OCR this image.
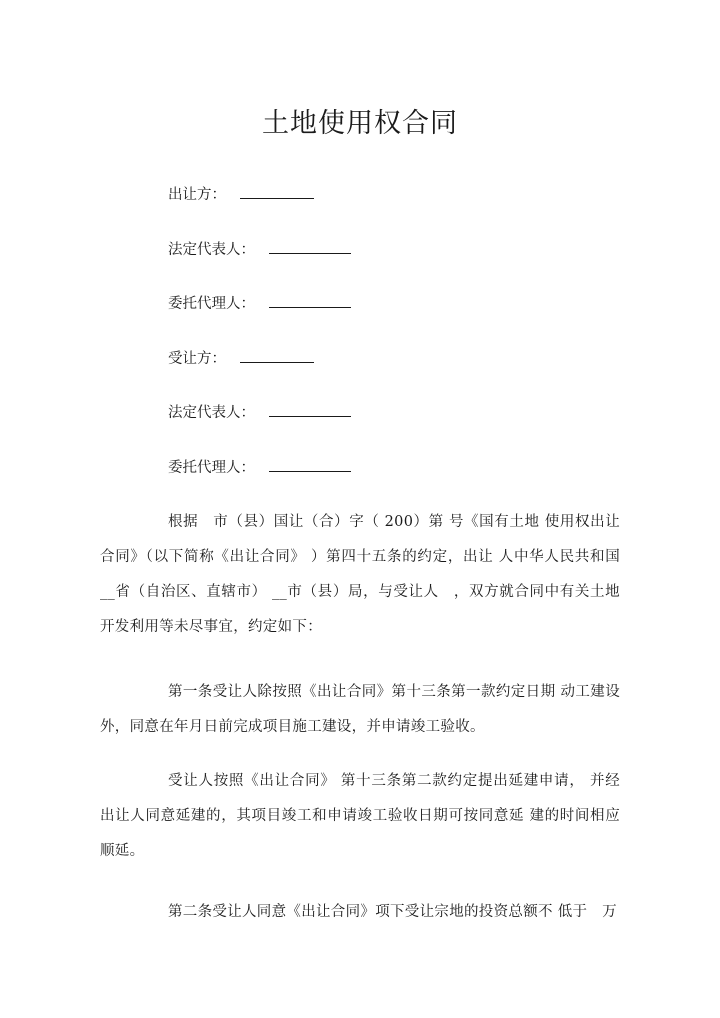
土地使用权合同
出让方：
法定代表人：
委托代理人：
受让方：
法定代表人：
委托代理人：

根据　市（县）国让（合）字（ 200）第 号《国有土地 使用权出让合同》（以下简称《出让合同》 ）第四十五条的约定，出让 人中华人民共和国 __省（自治区、直辖市） __市（县）局，与受让人　，双方就合同中有关土地开发利用等未尽事宜，约定如下：

第一条受让人除按照《出让合同》第十三条第一款约定日期 动工建设外，同意在年月日前完成项目施工建设，并申请竣工验收。

受让人按照《出让合同》 第十三条第二款约定提出延建申请， 并经出让人同意延建的，其项目竣工和申请竣工验收日期可按同意延 建的时间相应顺延。

第二条受让人同意《出让合同》项下受让宗地的投资总额不 低于　万
